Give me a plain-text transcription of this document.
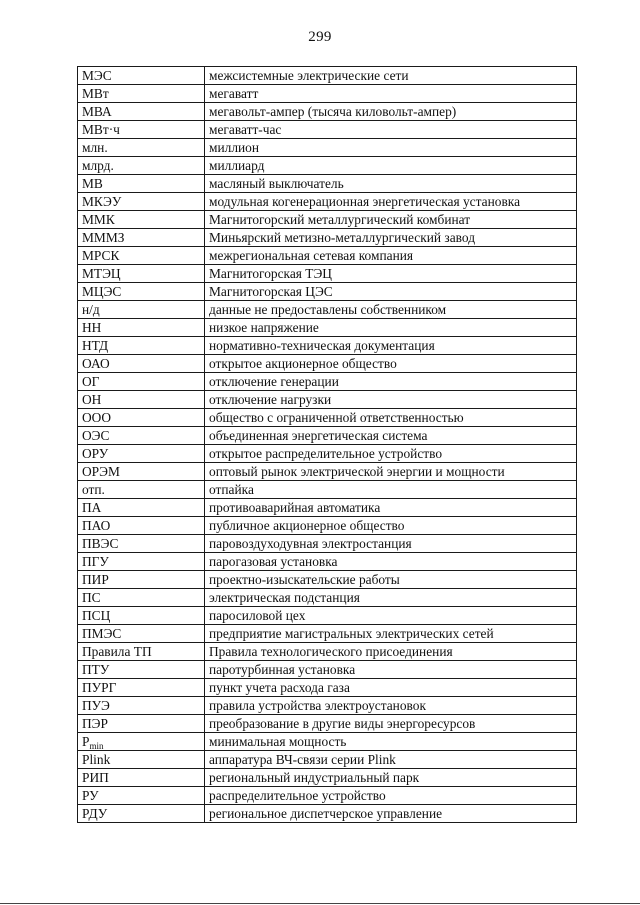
299
МЭС	межсистемные электрические сети
МВт	мегаватт
МВА	мегавольт-ампер (тысяча киловольт-ампер)
МВт·ч	мегаватт-час
млн.	миллион
млрд.	миллиард
МВ	масляный выключатель
МКЭУ	модульная когенерационная энергетическая установка
ММК	Магнитогорский металлургический комбинат
МММЗ	Миньярский метизно-металлургический завод
МРСК	межрегиональная сетевая компания
МТЭЦ	Магнитогорская ТЭЦ
МЦЭС	Магнитогорская ЦЭС
н/д	данные не предоставлены собственником
НН	низкое напряжение
НТД	нормативно-техническая документация
ОАО	открытое акционерное общество
ОГ	отключение генерации
ОН	отключение нагрузки
ООО	общество с ограниченной ответственностью
ОЭС	объединенная энергетическая система
ОРУ	открытое распределительное устройство
ОРЭМ	оптовый рынок электрической энергии и мощности
отп.	отпайка
ПА	противоаварийная автоматика
ПАО	публичное акционерное общество
ПВЭС	паровоздуходувная электростанция
ПГУ	парогазовая установка
ПИР	проектно-изыскательские работы
ПС	электрическая подстанция
ПСЦ	паросиловой цех
ПМЭС	предприятие магистральных электрических сетей
Правила ТП	Правила технологического присоединения
ПТУ	паротурбинная установка
ПУРГ	пункт учета расхода газа
ПУЭ	правила устройства электроустановок
ПЭР	преобразование в другие виды энергоресурсов
$P_{min}$	минимальная мощность
Plink	аппаратура ВЧ-связи серии Plink
РИП	региональный индустриальный парк
РУ	распределительное устройство
РДУ	региональное диспетчерское управление
